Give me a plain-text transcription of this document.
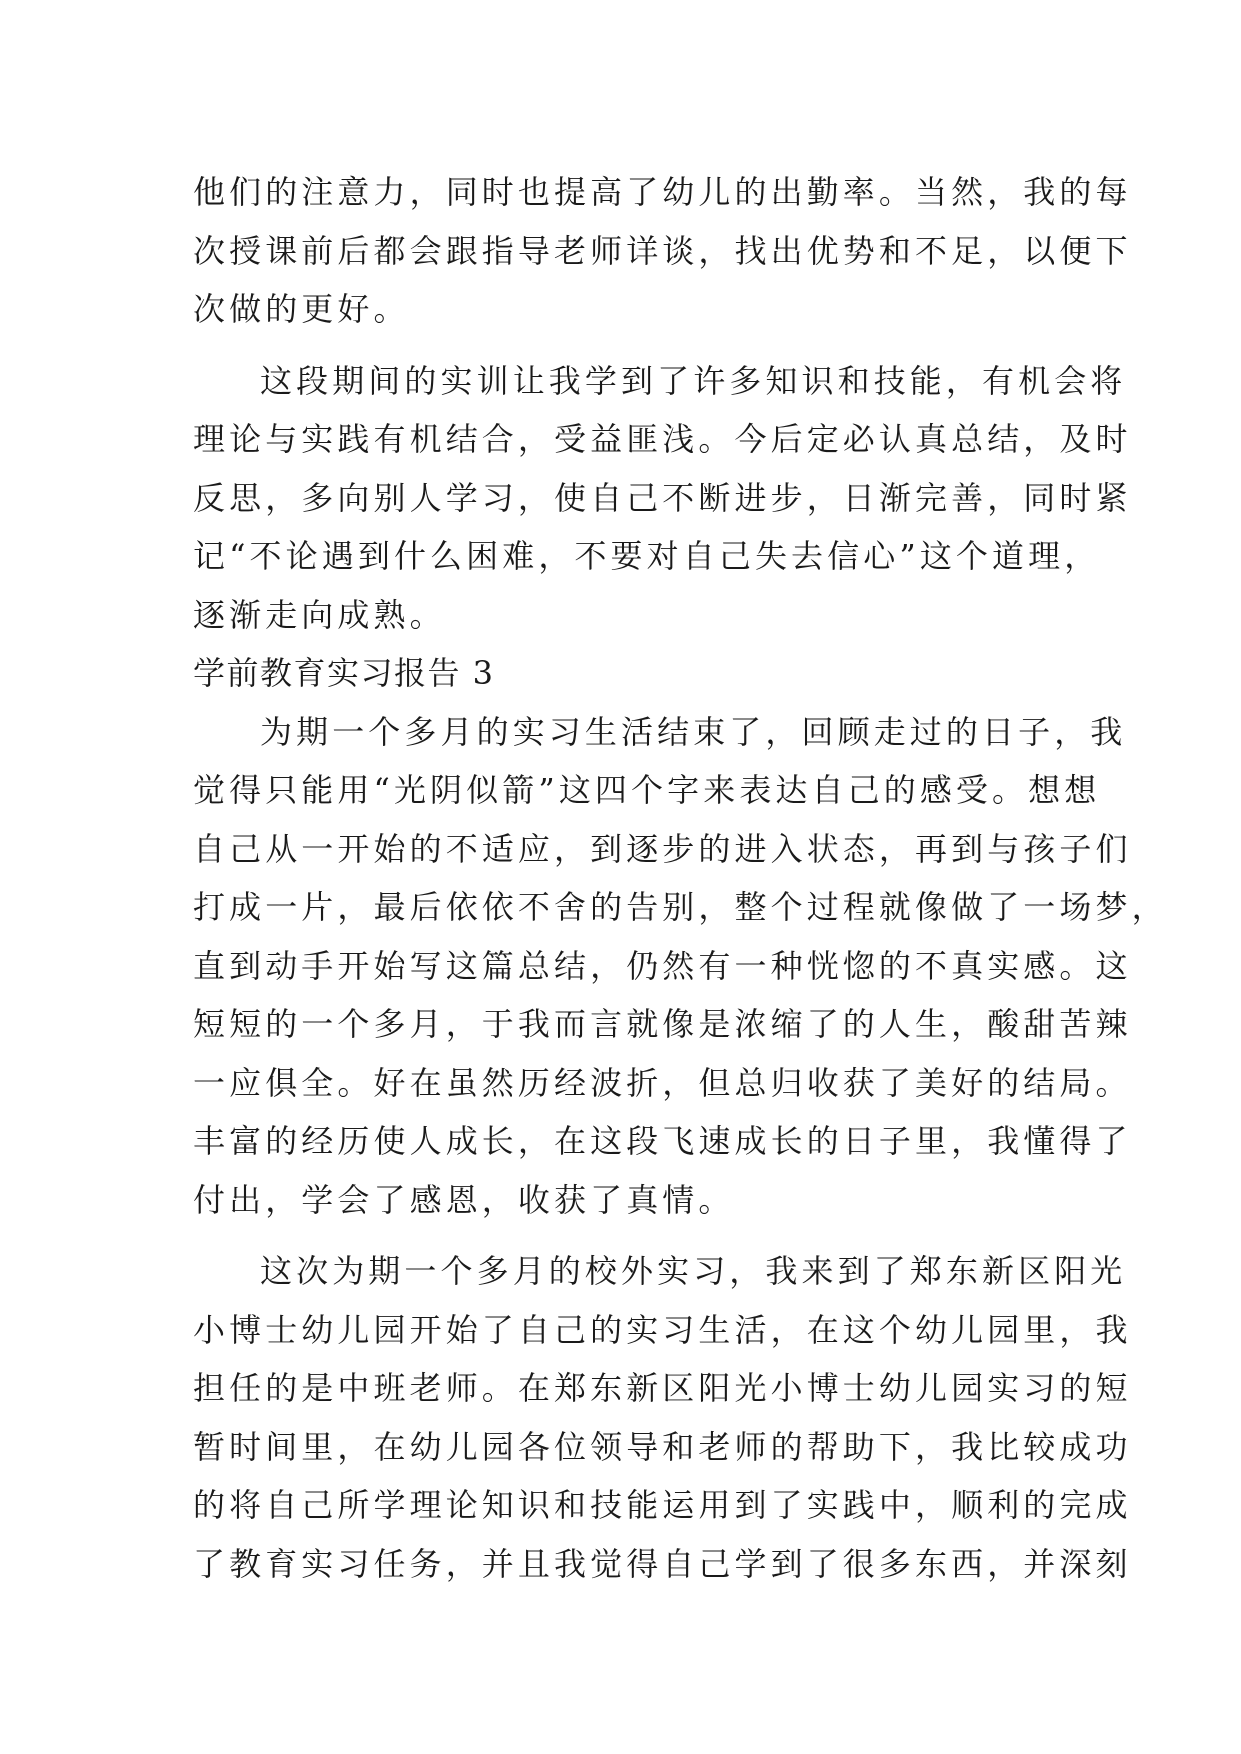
他们的注意力，同时也提高了幼儿的出勤率。当然，我的每
次授课前后都会跟指导老师详谈，找出优势和不足，以便下
次做的更好。
这段期间的实训让我学到了许多知识和技能，有机会将
理论与实践有机结合，受益匪浅。今后定必认真总结，及时
反思，多向别人学习，使自己不断进步，日渐完善，同时紧
记“不论遇到什么困难，不要对自己失去信心”这个道理，
逐渐走向成熟。
学前教育实习报告 3
为期一个多月的实习生活结束了，回顾走过的日子，我
觉得只能用“光阴似箭”这四个字来表达自己的感受。想想
自己从一开始的不适应，到逐步的进入状态，再到与孩子们
打成一片，最后依依不舍的告别，整个过程就像做了一场梦，
直到动手开始写这篇总结，仍然有一种恍惚的不真实感。这
短短的一个多月，于我而言就像是浓缩了的人生，酸甜苦辣
一应俱全。好在虽然历经波折，但总归收获了美好的结局。
丰富的经历使人成长，在这段飞速成长的日子里，我懂得了
付出，学会了感恩，收获了真情。
这次为期一个多月的校外实习，我来到了郑东新区阳光
小博士幼儿园开始了自己的实习生活，在这个幼儿园里，我
担任的是中班老师。在郑东新区阳光小博士幼儿园实习的短
暂时间里，在幼儿园各位领导和老师的帮助下，我比较成功
的将自己所学理论知识和技能运用到了实践中，顺利的完成
了教育实习任务，并且我觉得自己学到了很多东西，并深刻
